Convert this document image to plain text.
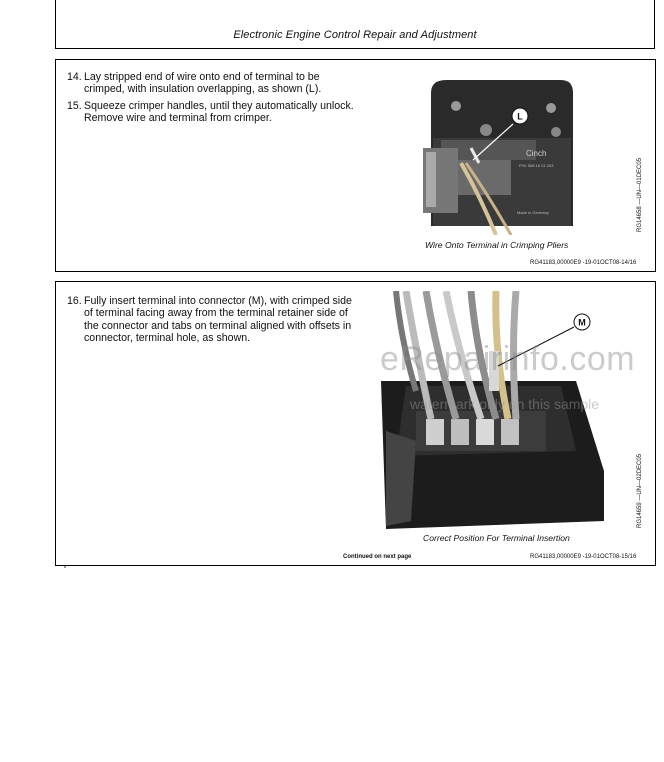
Electronic Engine Control Repair and Adjustment
14. Lay stripped end of wire onto end of terminal to be crimped, with insulation overlapping, as shown (L).
15. Squeeze crimper handles, until they automatically unlock. Remove wire and terminal from crimper.
Cinch
P/N: 588 16 01 003
Made in Germany
L
Wire Onto Terminal in Crimping Pliers
RG14658 —UN—01DEC05
RG41183,00000E9 -19-01OCT08-14/16
16. Fully insert terminal into connector (M), with crimped side of terminal facing away from the terminal retainer side of the connector and tabs on terminal aligned with offsets in connector, terminal hole, as shown.
M
Correct Position For Terminal Insertion
RG14659 —UN—02DEC05
Continued on next page	RG41183,00000E9 -19-01OCT08-15/16
eRepairinfo.com
watermark only on this sample
